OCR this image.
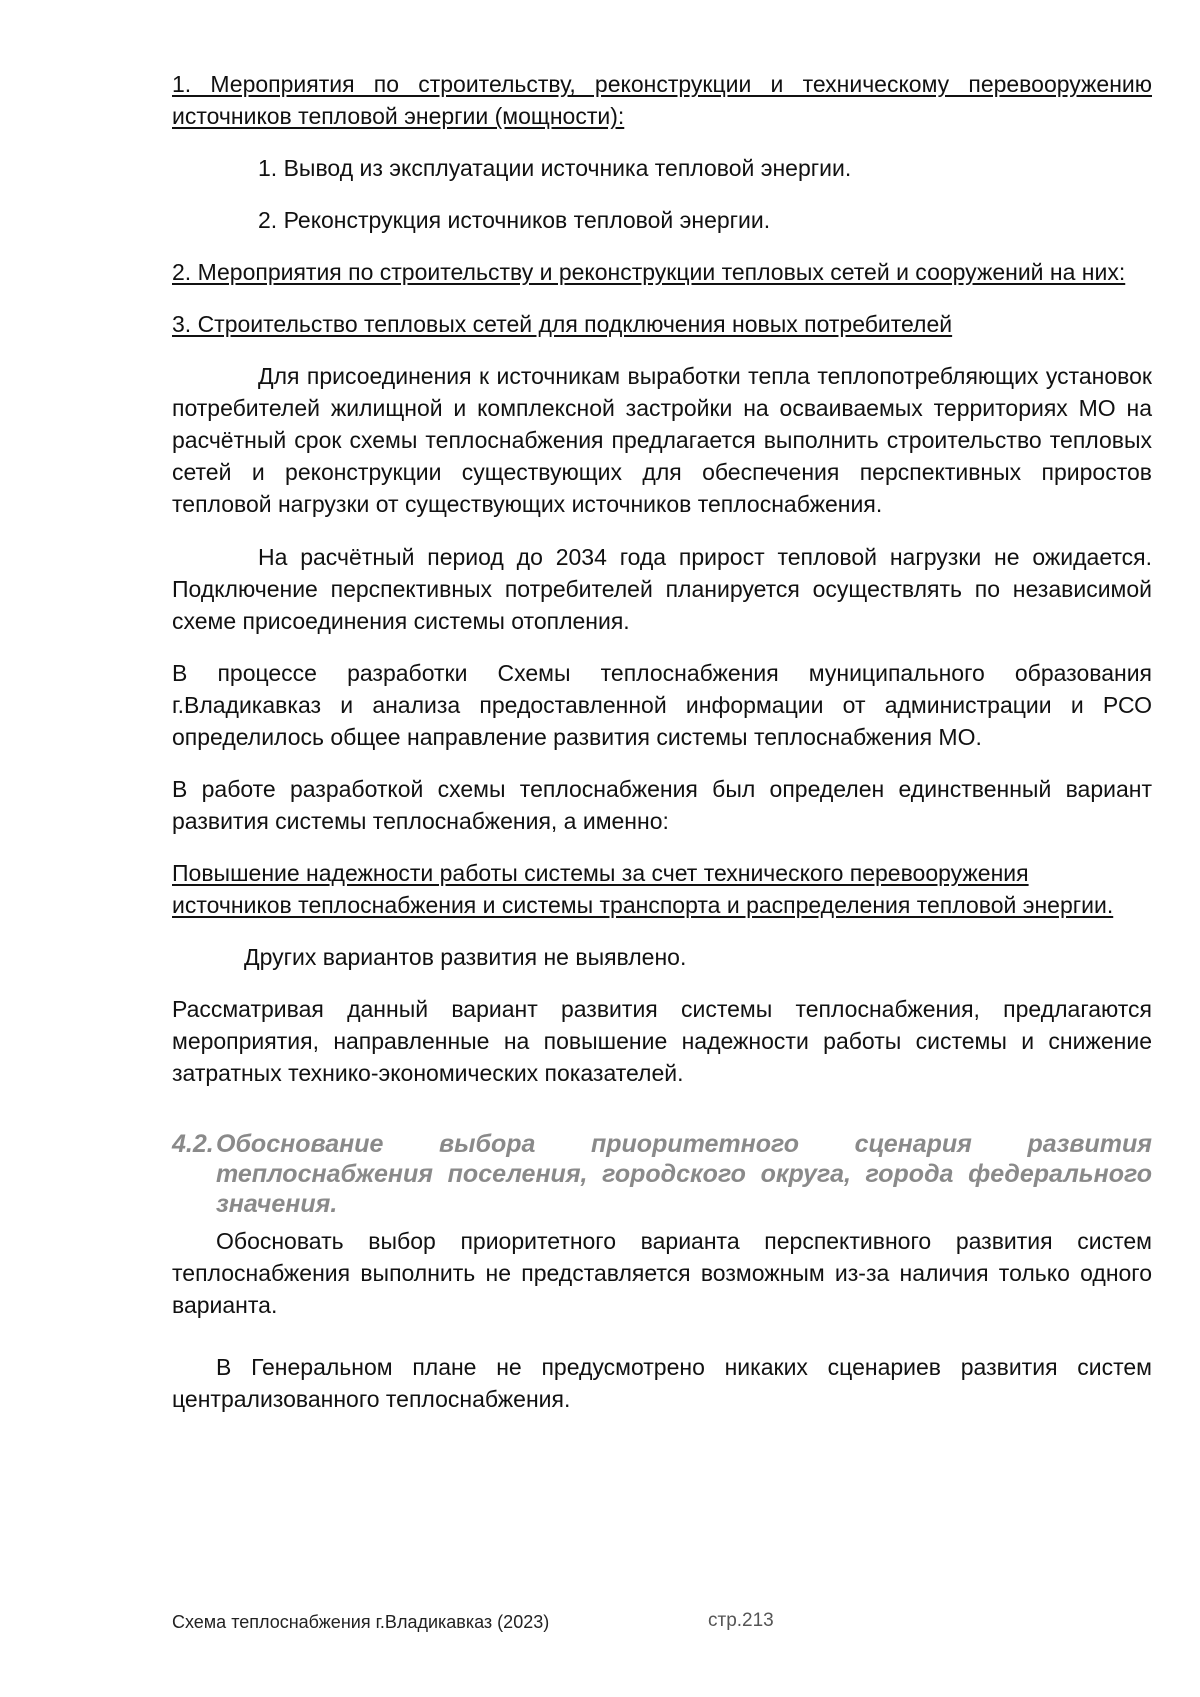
1. Мероприятия по строительству, реконструкции и техническому перевооружению источников тепловой энергии (мощности):

1. Вывод из эксплуатации источника тепловой энергии.

2. Реконструкция источников тепловой энергии.

2. Мероприятия по строительству и реконструкции тепловых сетей и сооружений на них:

3. Строительство тепловых сетей для подключения новых потребителей

Для присоединения к источникам выработки тепла теплопотребляющих установок потребителей жилищной и комплексной застройки на осваиваемых территориях МО на расчётный срок схемы теплоснабжения предлагается выполнить строительство тепловых сетей и реконструкции существующих для обеспечения перспективных приростов тепловой нагрузки от существующих источников теплоснабжения.

На расчётный период до 2034 года прирост тепловой нагрузки не ожидается. Подключение перспективных потребителей планируется осуществлять по независимой схеме присоединения системы отопления.

В процессе разработки Схемы теплоснабжения муниципального образования г.Владикавказ и анализа предоставленной информации от администрации и РСО определилось общее направление развития системы теплоснабжения МО.

В работе разработкой схемы теплоснабжения был определен единственный вариант развития системы теплоснабжения, а именно:

Повышение надежности работы системы за счет технического перевооружения источников теплоснабжения и системы транспорта и распределения тепловой энергии.

Других вариантов развития не выявлено.

Рассматривая данный вариант развития системы теплоснабжения, предлагаются мероприятия, направленные на повышение надежности работы системы и снижение затратных технико-экономических показателей.

4.2. Обоснование выбора приоритетного сценария развития теплоснабжения поселения, городского округа, города федерального значения.

Обосновать выбор приоритетного варианта перспективного развития систем теплоснабжения выполнить не представляется возможным из-за наличия только одного варианта.

В Генеральном плане не предусмотрено никаких сценариев развития систем централизованного теплоснабжения.

Схема теплоснабжения г.Владикавказ (2023)	стр.213
